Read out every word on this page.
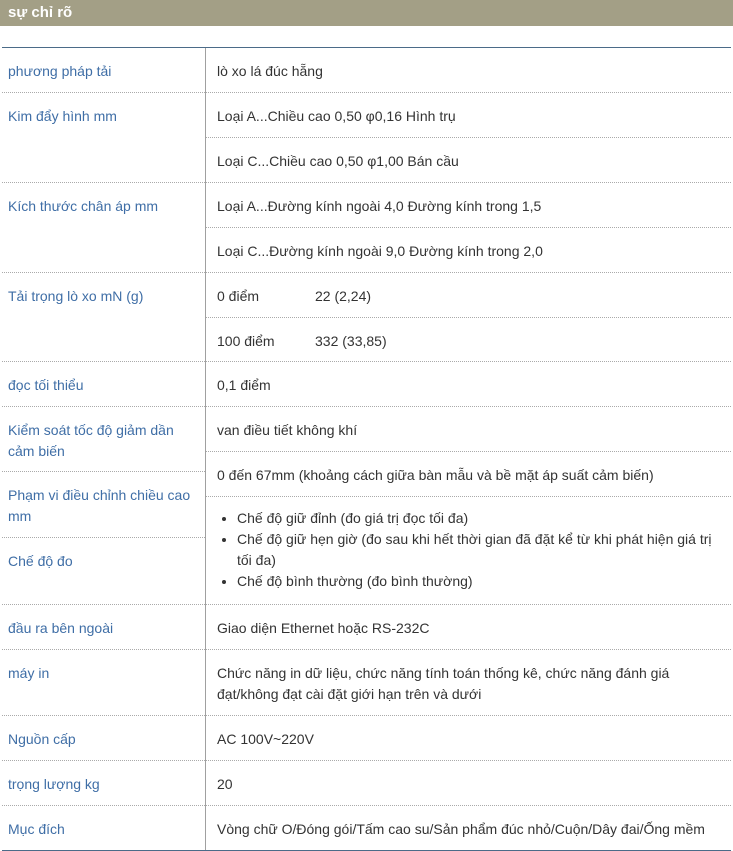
sự chỉ rõ
phương pháp tải
Kim đẩy hình mm
Kích thước chân áp mm
Tải trọng lò xo mN (g)
đọc tối thiểu
Kiểm soát tốc độ giảm dần cảm biến
Phạm vi điều chỉnh chiều cao mm
Chế độ đo
đầu ra bên ngoài
máy in
Nguồn cấp
trọng lượng kg
Mục đích
lò xo lá đúc hẵng
Loại A...Chiều cao 0,50 φ0,16 Hình trụ
Loại C...Chiều cao 0,50 φ1,00 Bán cầu
Loại A...Đường kính ngoài 4,0 Đường kính trong 1,5
Loại C...Đường kính ngoài 9,0 Đường kính trong 2,0
0 điểm	22 (2,24)
100 điểm	332 (33,85)
0,1 điểm
van điều tiết không khí
0 đến 67mm (khoảng cách giữa bàn mẫu và bề mặt áp suất cảm biến)
• Chế độ giữ đỉnh (đo giá trị đọc tối đa)
• Chế độ giữ hẹn giờ (đo sau khi hết thời gian đã đặt kể từ khi phát hiện giá trị tối đa)
• Chế độ bình thường (đo bình thường)
Giao diện Ethernet hoặc RS-232C
Chức năng in dữ liệu, chức năng tính toán thống kê, chức năng đánh giá đạt/không đạt cài đặt giới hạn trên và dưới
AC 100V~220V
20
Vòng chữ O/Đóng gói/Tấm cao su/Sản phẩm đúc nhỏ/Cuộn/Dây đai/Ống mềm
